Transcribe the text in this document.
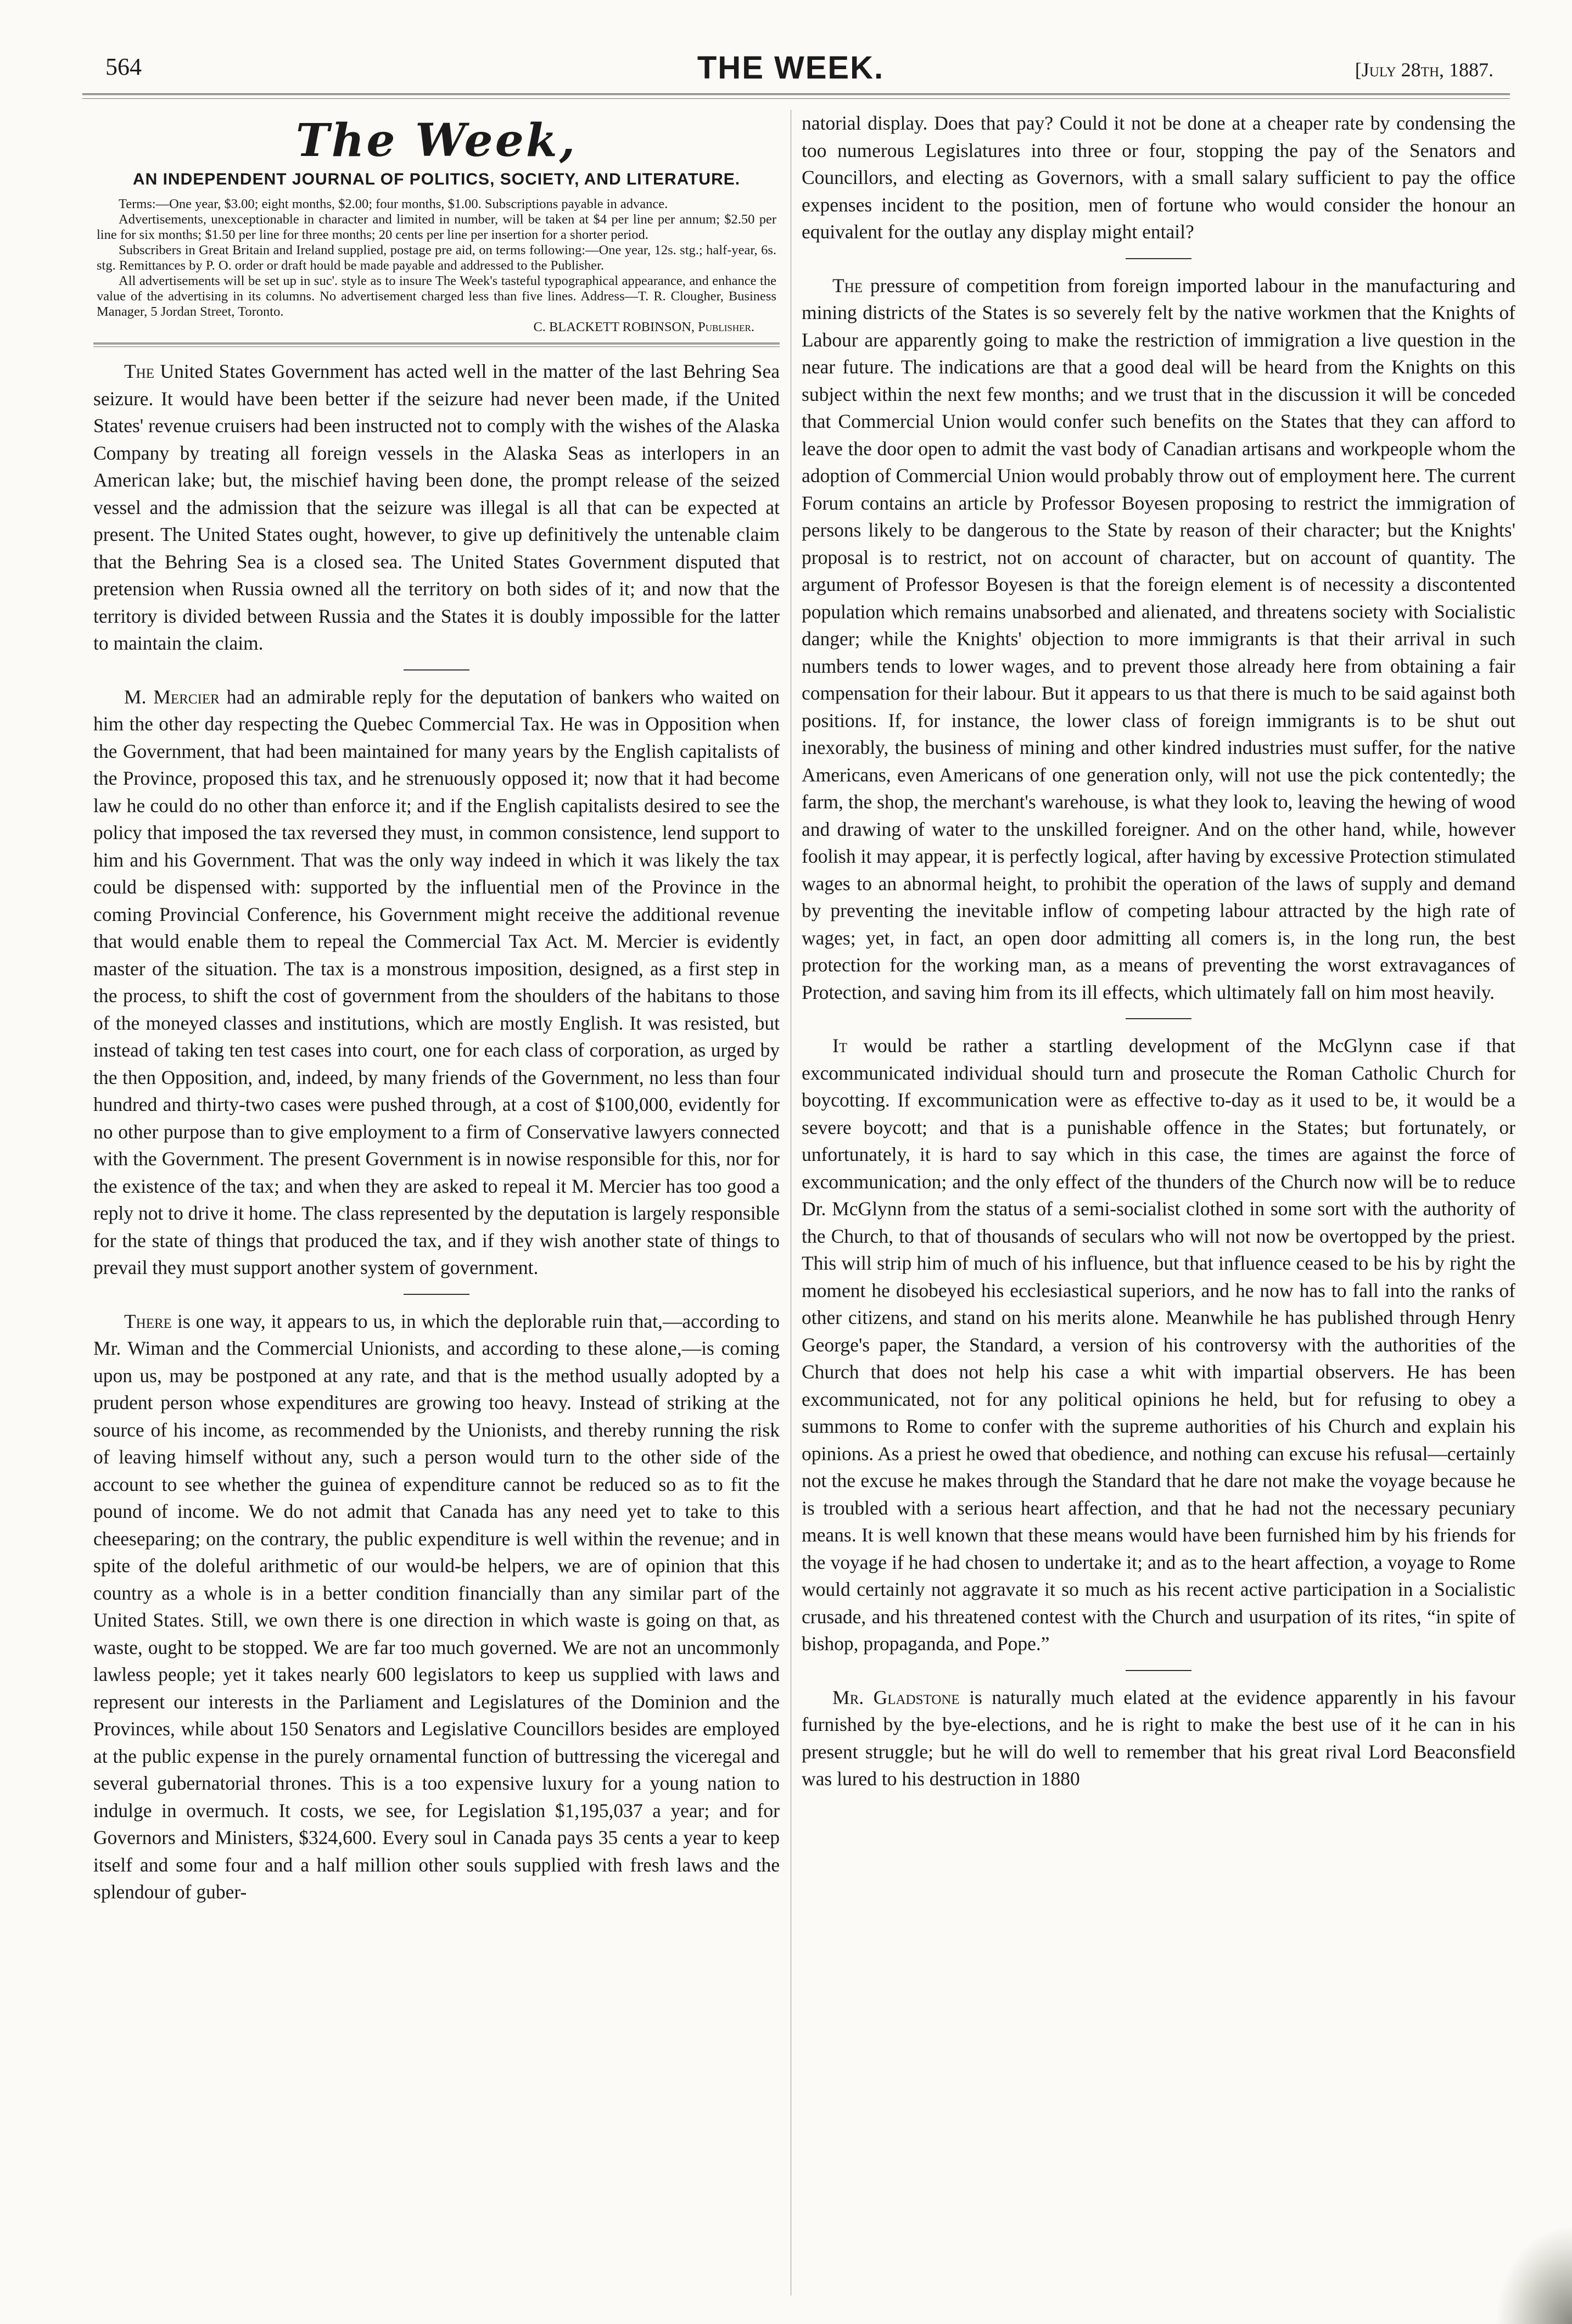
564	THE WEEK.	[July 28th, 1887.
The Week,
AN INDEPENDENT JOURNAL OF POLITICS, SOCIETY, AND LITERATURE.

Terms:—One year, $3.00; eight months, $2.00; four months, $1.00. Subscriptions payable in advance.

Advertisements, unexceptionable in character and limited in number, will be taken at $4 per line per annum; $2.50 per line for six months; $1.50 per line for three months; 20 cents per line per insertion for a shorter period.

Subscribers in Great Britain and Ireland supplied, postage pre aid, on terms following:—One year, 12s. stg.; half-year, 6s. stg. Remittances by P. O. order or draft hould be made payable and addressed to the Publisher.

All advertisements will be set up in suc'. style as to insure The Week's tasteful typographical appearance, and enhance the value of the advertising in its columns. No advertisement charged less than five lines. Address—T. R. Clougher, Business Manager, 5 Jordan Street, Toronto.

C. BLACKETT ROBINSON, Publisher.

The United States Government has acted well in the matter of the last Behring Sea seizure. It would have been better if the seizure had never been made, if the United States' revenue cruisers had been instructed not to comply with the wishes of the Alaska Company by treating all foreign vessels in the Alaska Seas as interlopers in an American lake; but, the mischief having been done, the prompt release of the seized vessel and the admission that the seizure was illegal is all that can be expected at present. The United States ought, however, to give up definitively the untenable claim that the Behring Sea is a closed sea. The United States Government disputed that pretension when Russia owned all the territory on both sides of it; and now that the territory is divided between Russia and the States it is doubly impossible for the latter to maintain the claim.

M. Mercier had an admirable reply for the deputation of bankers who waited on him the other day respecting the Quebec Commercial Tax. He was in Opposition when the Government, that had been maintained for many years by the English capitalists of the Province, proposed this tax, and he strenuously opposed it; now that it had become law he could do no other than enforce it; and if the English capitalists desired to see the policy that imposed the tax reversed they must, in common consistence, lend support to him and his Government. That was the only way indeed in which it was likely the tax could be dispensed with: supported by the influential men of the Province in the coming Provincial Conference, his Government might receive the additional revenue that would enable them to repeal the Commercial Tax Act. M. Mercier is evidently master of the situation. The tax is a monstrous imposition, designed, as a first step in the process, to shift the cost of government from the shoulders of the habitans to those of the moneyed classes and institutions, which are mostly English. It was resisted, but instead of taking ten test cases into court, one for each class of corporation, as urged by the then Opposition, and, indeed, by many friends of the Government, no less than four hundred and thirty-two cases were pushed through, at a cost of $100,000, evidently for no other purpose than to give employment to a firm of Conservative lawyers connected with the Government. The present Government is in nowise responsible for this, nor for the existence of the tax; and when they are asked to repeal it M. Mercier has too good a reply not to drive it home. The class represented by the deputation is largely responsible for the state of things that produced the tax, and if they wish another state of things to prevail they must support another system of government.

There is one way, it appears to us, in which the deplorable ruin that,—according to Mr. Wiman and the Commercial Unionists, and according to these alone,—is coming upon us, may be postponed at any rate, and that is the method usually adopted by a prudent person whose expenditures are growing too heavy. Instead of striking at the source of his income, as recommended by the Unionists, and thereby running the risk of leaving himself without any, such a person would turn to the other side of the account to see whether the guinea of expenditure cannot be reduced so as to fit the pound of income. We do not admit that Canada has any need yet to take to this cheeseparing; on the contrary, the public expenditure is well within the revenue; and in spite of the doleful arithmetic of our would-be helpers, we are of opinion that this country as a whole is in a better condition financially than any similar part of the United States. Still, we own there is one direction in which waste is going on that, as waste, ought to be stopped. We are far too much governed. We are not an uncommonly lawless people; yet it takes nearly 600 legislators to keep us supplied with laws and represent our interests in the Parliament and Legislatures of the Dominion and the Provinces, while about 150 Senators and Legislative Councillors besides are employed at the public expense in the purely ornamental function of buttressing the viceregal and several gubernatorial thrones. This is a too expensive luxury for a young nation to indulge in overmuch. It costs, we see, for Legislation $1,195,037 a year; and for Governors and Ministers, $324,600. Every soul in Canada pays 35 cents a year to keep itself and some four and a half million other souls supplied with fresh laws and the splendour of guber-

natorial display. Does that pay? Could it not be done at a cheaper rate by condensing the too numerous Legislatures into three or four, stopping the pay of the Senators and Councillors, and electing as Governors, with a small salary sufficient to pay the office expenses incident to the position, men of fortune who would consider the honour an equivalent for the outlay any display might entail?

The pressure of competition from foreign imported labour in the manufacturing and mining districts of the States is so severely felt by the native workmen that the Knights of Labour are apparently going to make the restriction of immigration a live question in the near future. The indications are that a good deal will be heard from the Knights on this subject within the next few months; and we trust that in the discussion it will be conceded that Commercial Union would confer such benefits on the States that they can afford to leave the door open to admit the vast body of Canadian artisans and workpeople whom the adoption of Commercial Union would probably throw out of employment here. The current Forum contains an article by Professor Boyesen proposing to restrict the immigration of persons likely to be dangerous to the State by reason of their character; but the Knights' proposal is to restrict, not on account of character, but on account of quantity. The argument of Professor Boyesen is that the foreign element is of necessity a discontented population which remains unabsorbed and alienated, and threatens society with Socialistic danger; while the Knights' objection to more immigrants is that their arrival in such numbers tends to lower wages, and to prevent those already here from obtaining a fair compensation for their labour. But it appears to us that there is much to be said against both positions. If, for instance, the lower class of foreign immigrants is to be shut out inexorably, the business of mining and other kindred industries must suffer, for the native Americans, even Americans of one generation only, will not use the pick contentedly; the farm, the shop, the merchant's warehouse, is what they look to, leaving the hewing of wood and drawing of water to the unskilled foreigner. And on the other hand, while, however foolish it may appear, it is perfectly logical, after having by excessive Protection stimulated wages to an abnormal height, to prohibit the operation of the laws of supply and demand by preventing the inevitable inflow of competing labour attracted by the high rate of wages; yet, in fact, an open door admitting all comers is, in the long run, the best protection for the working man, as a means of preventing the worst extravagances of Protection, and saving him from its ill effects, which ultimately fall on him most heavily.

It would be rather a startling development of the McGlynn case if that excommunicated individual should turn and prosecute the Roman Catholic Church for boycotting. If excommunication were as effective to-day as it used to be, it would be a severe boycott; and that is a punishable offence in the States; but fortunately, or unfortunately, it is hard to say which in this case, the times are against the force of excommunication; and the only effect of the thunders of the Church now will be to reduce Dr. McGlynn from the status of a semi-socialist clothed in some sort with the authority of the Church, to that of thousands of seculars who will not now be overtopped by the priest. This will strip him of much of his influence, but that influence ceased to be his by right the moment he disobeyed his ecclesiastical superiors, and he now has to fall into the ranks of other citizens, and stand on his merits alone. Meanwhile he has published through Henry George's paper, the Standard, a version of his controversy with the authorities of the Church that does not help his case a whit with impartial observers. He has been excommunicated, not for any political opinions he held, but for refusing to obey a summons to Rome to confer with the supreme authorities of his Church and explain his opinions. As a priest he owed that obedience, and nothing can excuse his refusal—certainly not the excuse he makes through the Standard that he dare not make the voyage because he is troubled with a serious heart affection, and that he had not the necessary pecuniary means. It is well known that these means would have been furnished him by his friends for the voyage if he had chosen to undertake it; and as to the heart affection, a voyage to Rome would certainly not aggravate it so much as his recent active participation in a Socialistic crusade, and his threatened contest with the Church and usurpation of its rites, “in spite of bishop, propaganda, and Pope.”

Mr. Gladstone is naturally much elated at the evidence apparently in his favour furnished by the bye-elections, and he is right to make the best use of it he can in his present struggle; but he will do well to remember that his great rival Lord Beaconsfield was lured to his destruction in 1880
